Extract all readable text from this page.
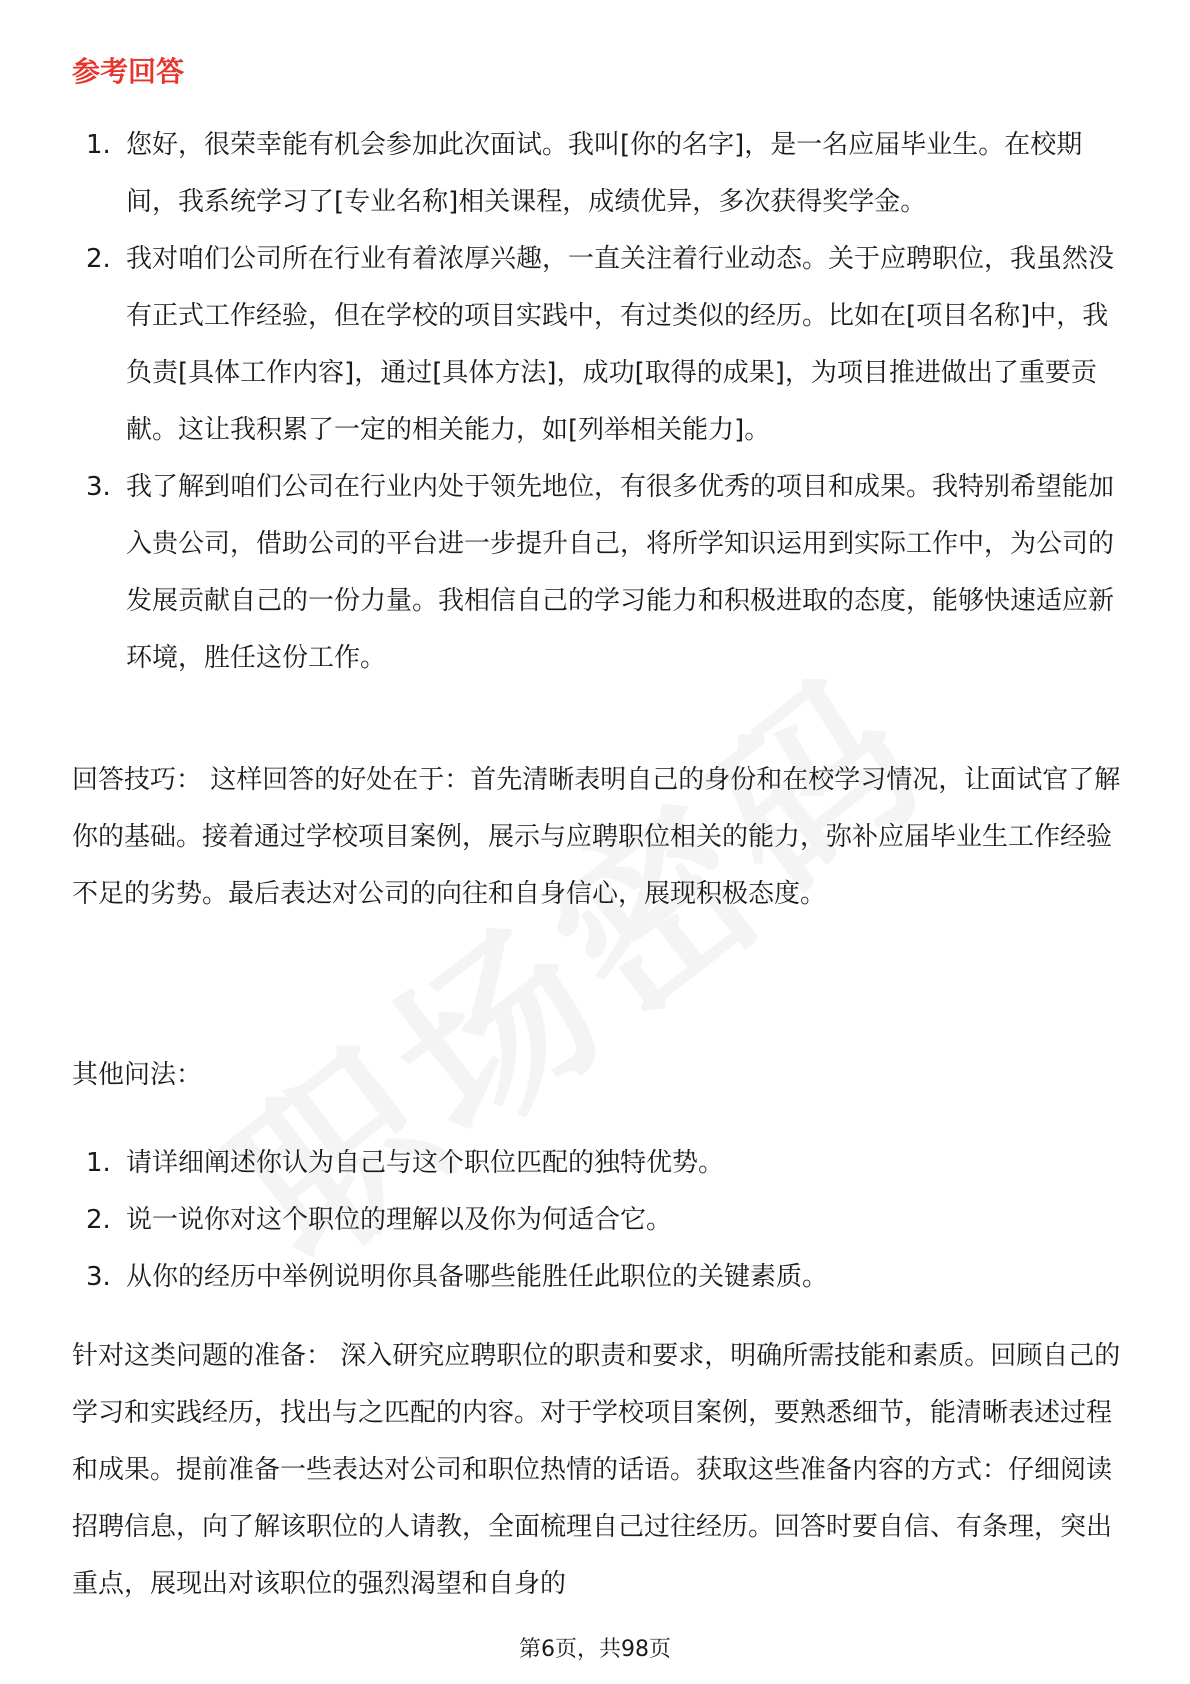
参考回答
1. 您好，很荣幸能有机会参加此次面试。我叫[你的名字]，是一名应届毕业生。在校期间，我系统学习了[专业名称]相关课程，成绩优异，多次获得奖学金。
2. 我对咱们公司所在行业有着浓厚兴趣，一直关注着行业动态。关于应聘职位，我虽然没有正式工作经验，但在学校的项目实践中，有过类似的经历。比如在[项目名称]中，我负责[具体工作内容]，通过[具体方法]，成功[取得的成果]，为项目推进做出了重要贡献。这让我积累了一定的相关能力，如[列举相关能力]。
3. 我了解到咱们公司在行业内处于领先地位，有很多优秀的项目和成果。我特别希望能加入贵公司，借助公司的平台进一步提升自己，将所学知识运用到实际工作中，为公司的发展贡献自己的一份力量。我相信自己的学习能力和积极进取的态度，能够快速适应新环境，胜任这份工作。

回答技巧： 这样回答的好处在于：首先清晰表明自己的身份和在校学习情况，让面试官了解你的基础。接着通过学校项目案例，展示与应聘职位相关的能力，弥补应届毕业生工作经验不足的劣势。最后表达对公司的向往和自身信心，展现积极态度。

其他问法：

1. 请详细阐述你认为自己与这个职位匹配的独特优势。
2. 说一说你对这个职位的理解以及你为何适合它。
3. 从你的经历中举例说明你具备哪些能胜任此职位的关键素质。

针对这类问题的准备： 深入研究应聘职位的职责和要求，明确所需技能和素质。回顾自己的学习和实践经历，找出与之匹配的内容。对于学校项目案例，要熟悉细节，能清晰表述过程和成果。提前准备一些表达对公司和职位热情的话语。获取这些准备内容的方式：仔细阅读招聘信息，向了解该职位的人请教，全面梳理自己过往经历。回答时要自信、有条理，突出重点，展现出对该职位的强烈渴望和自身的

第6页，共98页
